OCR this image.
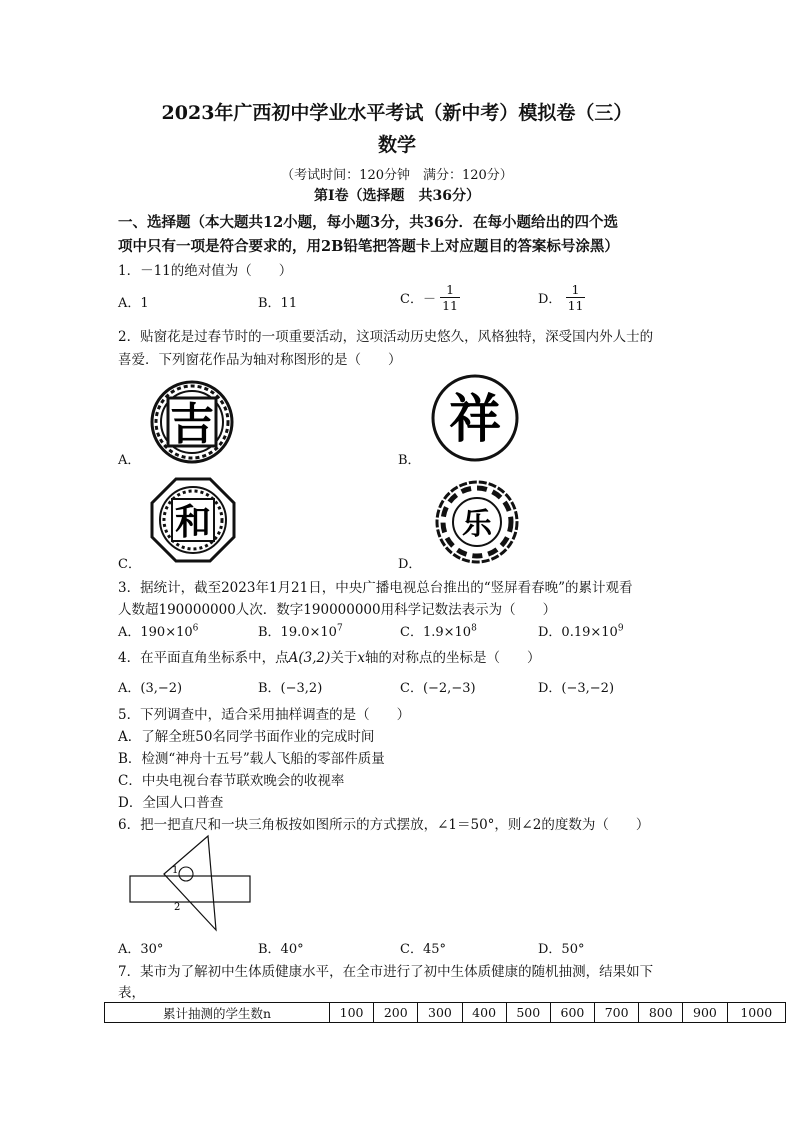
2023年广西初中学业水平考试（新中考）模拟卷（三）
数学
（考试时间：120分钟　满分：120分）
第Ⅰ卷（选择题　共36分）
一、选择题（本大题共12小题，每小题3分，共36分．在每小题给出的四个选
项中只有一项是符合要求的，用2B铅笔把答题卡上对应题目的答案标号涂黑）
1．－11的绝对值为（　　）
A．1	B．11	C．－ $\frac{1}{11}$	D． $\frac{1}{11}$
2．贴窗花是过春节时的一项重要活动，这项活动历史悠久，风格独特，深受国内外人士的
喜爱．下列窗花作品为轴对称图形的是（　　）
吉
A．
祥
B．
和
C．
乐
D．
3．据统计，截至2023年1月21日，中央广播电视总台推出的“竖屏看春晚”的累计观看
人数超190000000人次．数字190000000用科学记数法表示为（　　）
A．$190\times 10^6$	B．$19.0\times 10^7$	C．$1.9\times 10^8$	D．$0.19\times 10^9$
4．在平面直角坐标系中，点A(3,2)关于x轴的对称点的坐标是（　　）
A．(3,−2)	B．(−3,2)	C．(−2,−3)	D．(−3,−2)
5．下列调查中，适合采用抽样调查的是（　　）
A．了解全班50名同学书面作业的完成时间
B．检测“神舟十五号”载人飞船的零部件质量
C．中央电视台春节联欢晚会的收视率
D．全国人口普查
6．把一把直尺和一块三角板按如图所示的方式摆放，∠1＝50°，则∠2的度数为（　　）
1
2
A．30°	B．40°	C．45°	D．50°
7．某市为了解初中生体质健康水平，在全市进行了初中生体质健康的随机抽测，结果如下
表，
累计抽测的学生数n	100	200	300	400	500	600	700	800	900	1000
